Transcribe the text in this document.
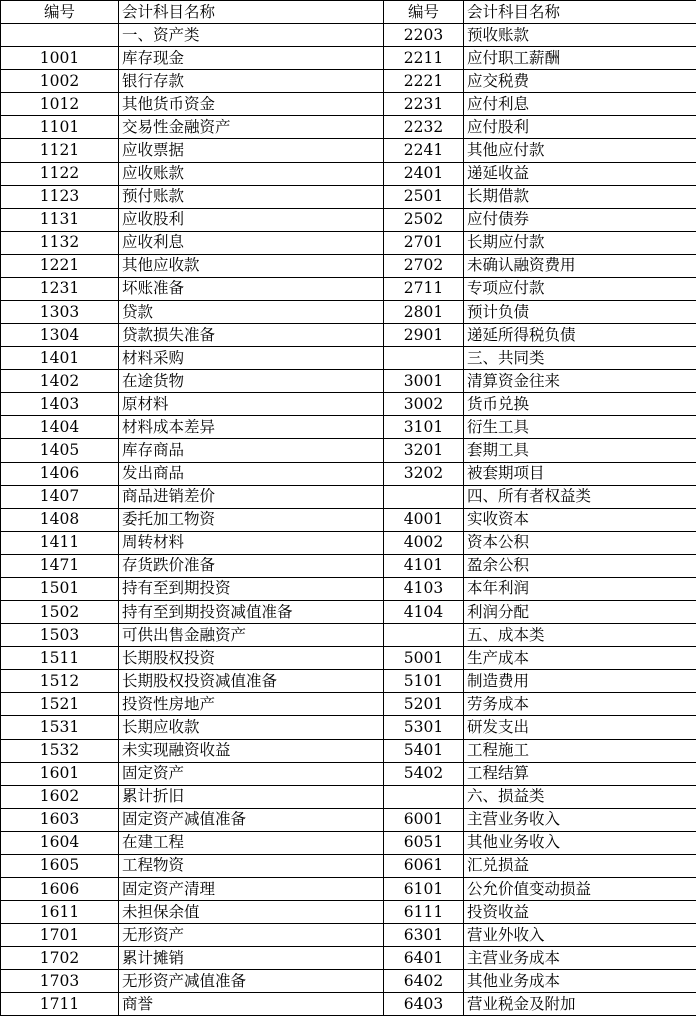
编号	会计科目名称	编号	会计科目名称
	一、资产类	2203	预收账款
1001	库存现金	2211	应付职工薪酬
1002	银行存款	2221	应交税费
1012	其他货币资金	2231	应付利息
1101	交易性金融资产	2232	应付股利
1121	应收票据	2241	其他应付款
1122	应收账款	2401	递延收益
1123	预付账款	2501	长期借款
1131	应收股利	2502	应付债券
1132	应收利息	2701	长期应付款
1221	其他应收款	2702	未确认融资费用
1231	坏账准备	2711	专项应付款
1303	贷款	2801	预计负债
1304	贷款损失准备	2901	递延所得税负债
1401	材料采购		三、共同类
1402	在途货物	3001	清算资金往来
1403	原材料	3002	货币兑换
1404	材料成本差异	3101	衍生工具
1405	库存商品	3201	套期工具
1406	发出商品	3202	被套期项目
1407	商品进销差价		四、所有者权益类
1408	委托加工物资	4001	实收资本
1411	周转材料	4002	资本公积
1471	存货跌价准备	4101	盈余公积
1501	持有至到期投资	4103	本年利润
1502	持有至到期投资减值准备	4104	利润分配
1503	可供出售金融资产		五、成本类
1511	长期股权投资	5001	生产成本
1512	长期股权投资减值准备	5101	制造费用
1521	投资性房地产	5201	劳务成本
1531	长期应收款	5301	研发支出
1532	未实现融资收益	5401	工程施工
1601	固定资产	5402	工程结算
1602	累计折旧		六、损益类
1603	固定资产减值准备	6001	主营业务收入
1604	在建工程	6051	其他业务收入
1605	工程物资	6061	汇兑损益
1606	固定资产清理	6101	公允价值变动损益
1611	未担保余值	6111	投资收益
1701	无形资产	6301	营业外收入
1702	累计摊销	6401	主营业务成本
1703	无形资产减值准备	6402	其他业务成本
1711	商誉	6403	营业税金及附加
